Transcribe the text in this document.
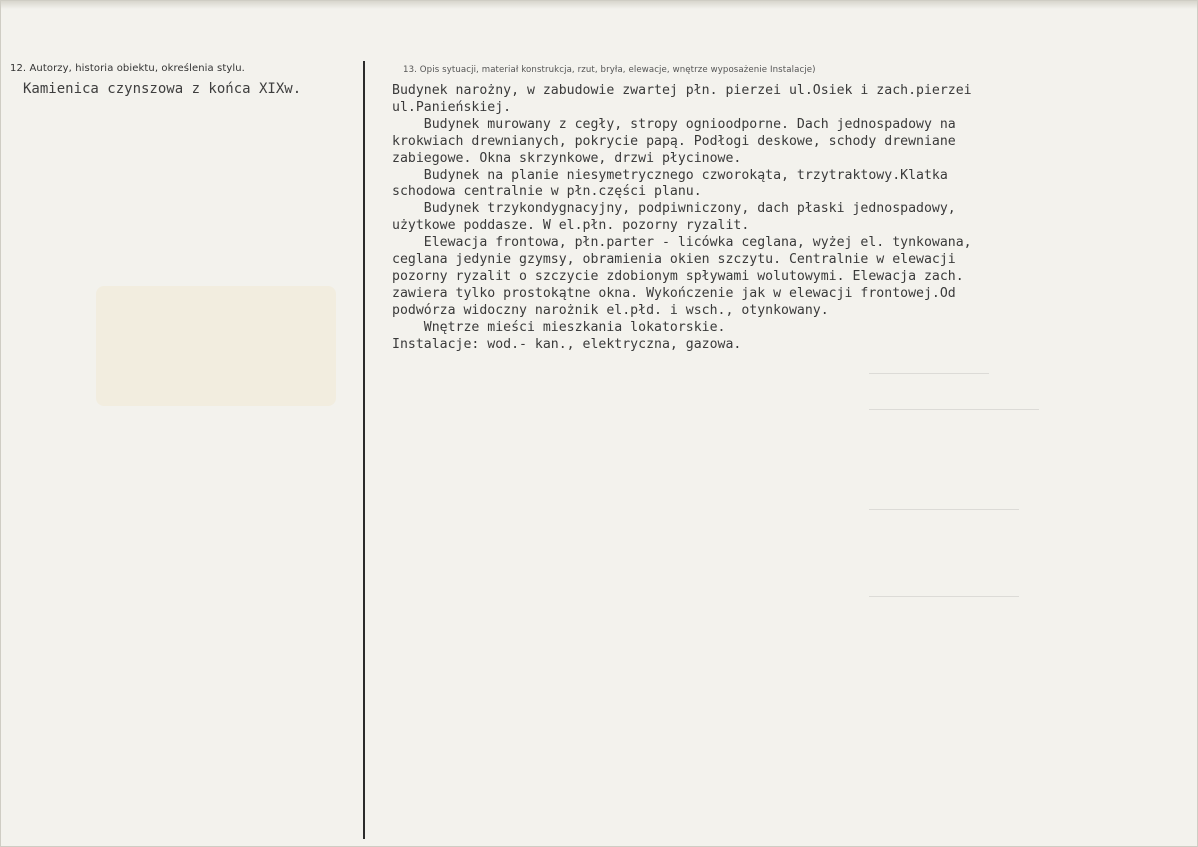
12. Autorzy, historia obiektu, określenia stylu.
Kamienica czynszowa z końca XIXw.
13. Opis sytuacji, materiał konstrukcja, rzut, bryła, elewacje, wnętrze wyposażenie Instalacje)
Budynek narożny, w zabudowie zwartej płn. pierzei ul.Osiek i zach.pierzei
ul.Panieńskiej.
Budynek murowany z cegły, stropy ognioodporne. Dach jednospadowy na
krokwiach drewnianych, pokrycie papą. Podłogi deskowe, schody drewniane
zabiegowe. Okna skrzynkowe, drzwi płycinowe.
Budynek na planie niesymetrycznego czworokąta, trzytraktowy.Klatka
schodowa centralnie w płn.części planu.
Budynek trzykondygnacyjny, podpiwniczony, dach płaski jednospadowy,
użytkowe poddasze. W el.płn. pozorny ryzalit.
Elewacja frontowa, płn.parter - licówka ceglana, wyżej el. tynkowana,
ceglana jedynie gzymsy, obramienia okien szczytu. Centralnie w elewacji
pozorny ryzalit o szczycie zdobionym spływami wolutowymi. Elewacja zach.
zawiera tylko prostokątne okna. Wykończenie jak w elewacji frontowej.Od
podwórza widoczny narożnik el.płd. i wsch., otynkowany.
Wnętrze mieści mieszkania lokatorskie.
Instalacje: wod.- kan., elektryczna, gazowa.
